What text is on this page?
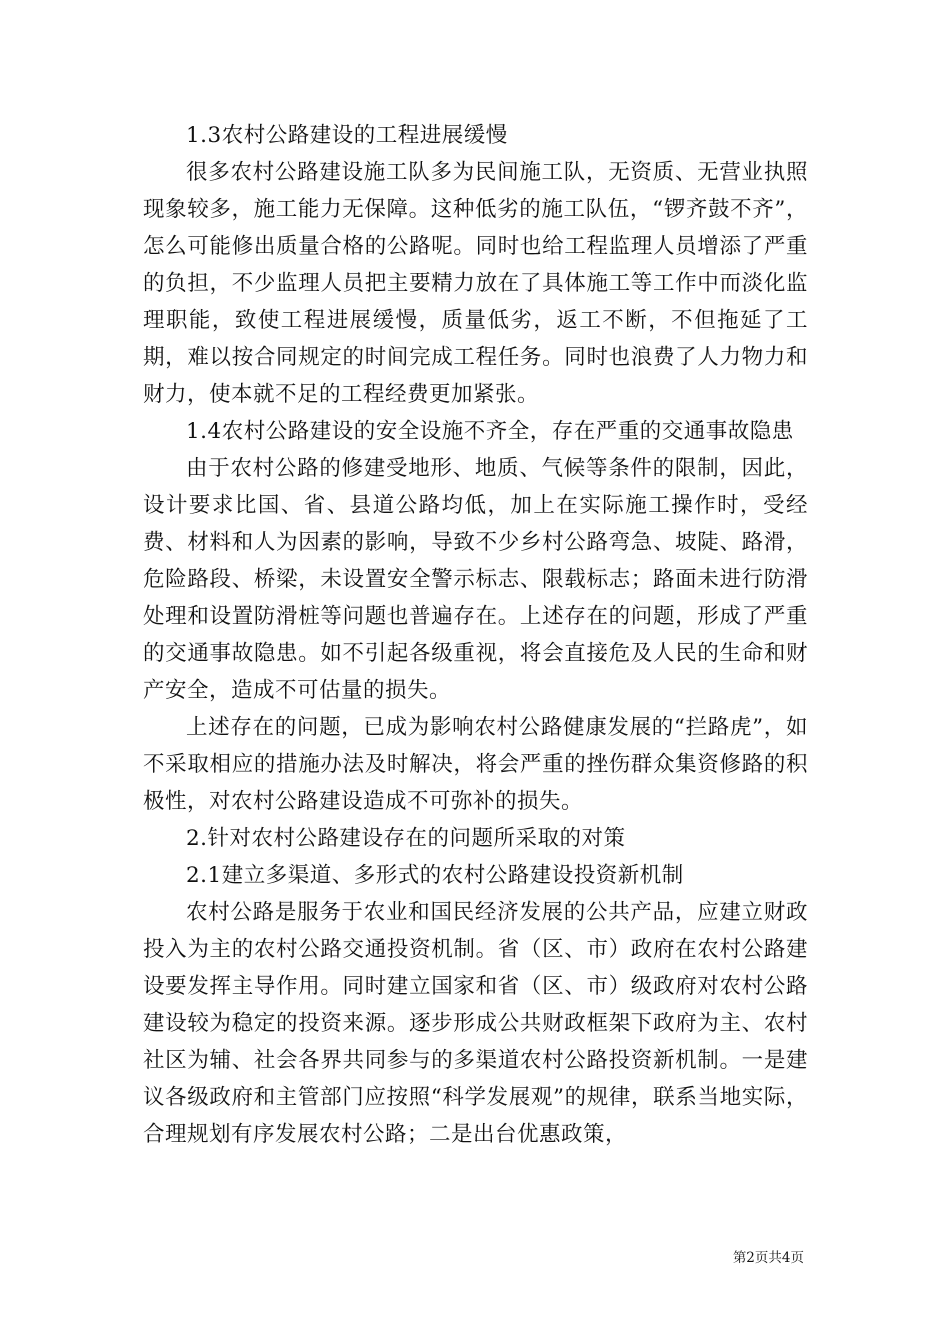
1.3农村公路建设的工程进展缓慢

很多农村公路建设施工队多为民间施工队，无资质、无营业执照现象较多，施工能力无保障。这种低劣的施工队伍，“锣齐鼓不齐”，怎么可能修出质量合格的公路呢。同时也给工程监理人员增添了严重的负担，不少监理人员把主要精力放在了具体施工等工作中而淡化监理职能，致使工程进展缓慢，质量低劣，返工不断，不但拖延了工期，难以按合同规定的时间完成工程任务。同时也浪费了人力物力和财力，使本就不足的工程经费更加紧张。

1.4农村公路建设的安全设施不齐全，存在严重的交通事故隐患

由于农村公路的修建受地形、地质、气候等条件的限制，因此，设计要求比国、省、县道公路均低，加上在实际施工操作时，受经费、材料和人为因素的影响，导致不少乡村公路弯急、坡陡、路滑，危险路段、桥梁，未设置安全警示标志、限载标志；路面未进行防滑处理和设置防滑桩等问题也普遍存在。上述存在的问题，形成了严重的交通事故隐患。如不引起各级重视，将会直接危及人民的生命和财产安全，造成不可估量的损失。

上述存在的问题，已成为影响农村公路健康发展的“拦路虎”，如不采取相应的措施办法及时解决，将会严重的挫伤群众集资修路的积极性，对农村公路建设造成不可弥补的损失。

2.针对农村公路建设存在的问题所采取的对策

2.1建立多渠道、多形式的农村公路建设投资新机制

农村公路是服务于农业和国民经济发展的公共产品，应建立财政投入为主的农村公路交通投资机制。省（区、市）政府在农村公路建设要发挥主导作用。同时建立国家和省（区、市）级政府对农村公路建设较为稳定的投资来源。逐步形成公共财政框架下政府为主、农村社区为辅、社会各界共同参与的多渠道农村公路投资新机制。一是建议各级政府和主管部门应按照“科学发展观”的规律，联系当地实际，合理规划有序发展农村公路；二是出台优惠政策，

第2页共4页
